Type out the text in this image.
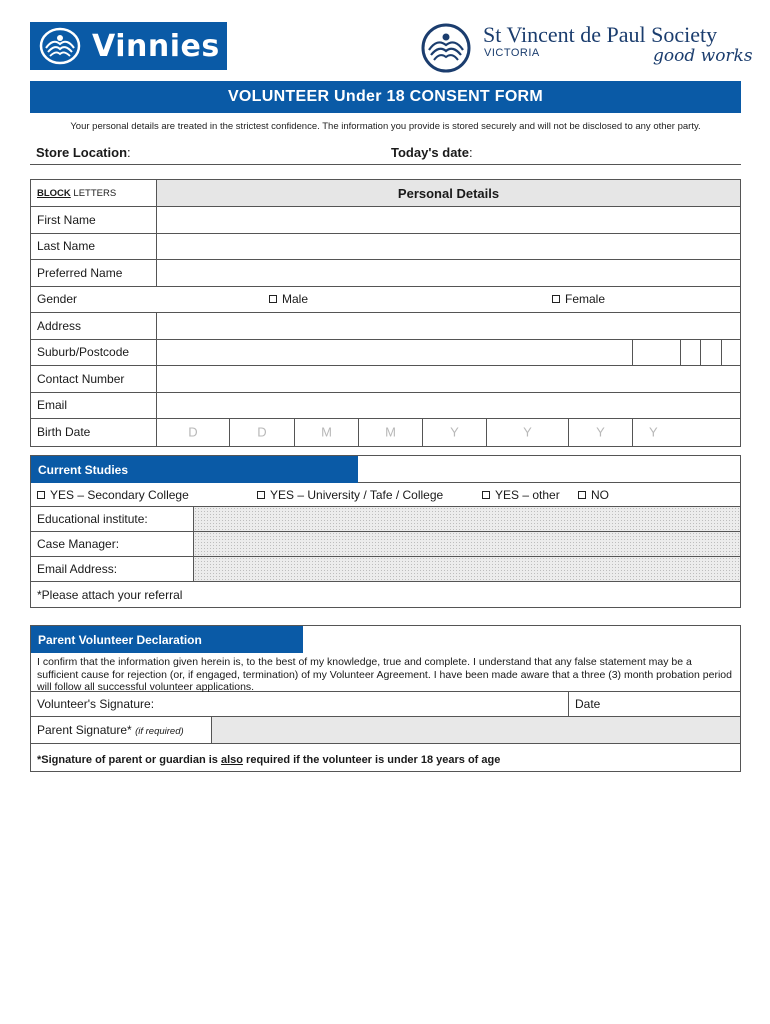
Vinnies	St Vincent de Paul Society
VICTORIA	good works
VOLUNTEER Under 18 CONSENT FORM
Your personal details are treated in the strictest confidence. The information you provide is stored securely and will not be disclosed to any other party.
Store Location:	Today's date:
BLOCK LETTERS	Personal Details
First Name
Last Name
Preferred Name
Gender	Male	Female
Address
Suburb/Postcode
Contact Number
Email
Birth Date	D	D	M	M	Y	Y	Y	Y
Current Studies
YES – Secondary College	YES – University / Tafe / College	YES – other	NO
Educational institute:
Case Manager:
Email Address:
*Please attach your referral
Parent Volunteer Declaration
I confirm that the information given herein is, to the best of my knowledge, true and complete. I understand that any false statement may be a sufficient cause for rejection (or, if engaged, termination) of my Volunteer Agreement. I have been made aware that a three (3) month probation period will follow all successful volunteer applications.
Volunteer's Signature:	Date
Parent Signature* (if required)
*Signature of parent or guardian is also required if the volunteer is under 18 years of age
